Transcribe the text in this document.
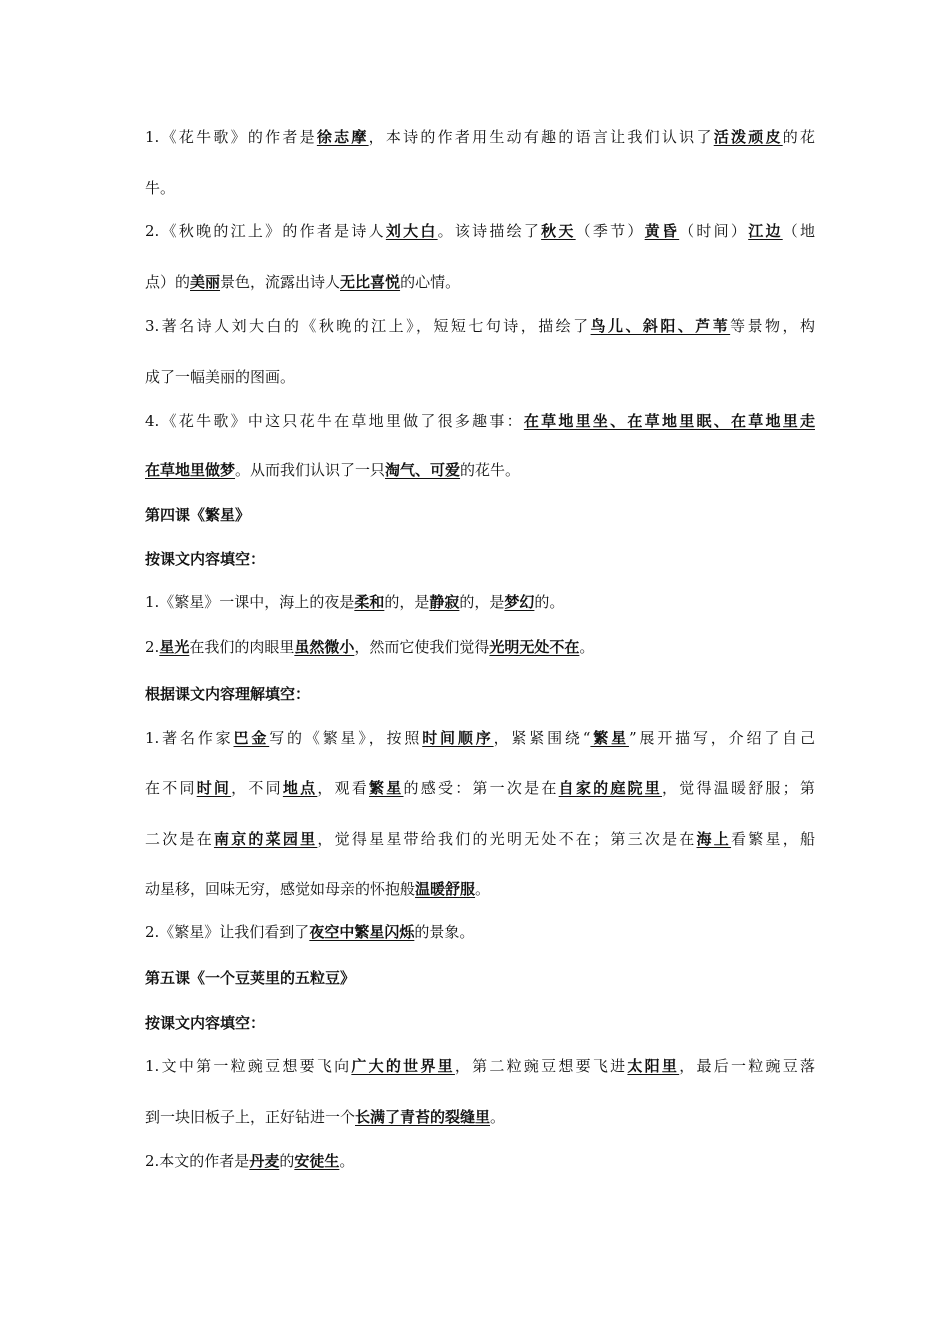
1.《花牛歌》的作者是徐志摩，本诗的作者用生动有趣的语言让我们认识了活泼顽皮的花
牛。
2.《秋晚的江上》的作者是诗人刘大白。该诗描绘了秋天（季节）黄昏（时间）江边（地
点）的美丽景色，流露出诗人无比喜悦的心情。
3.著名诗人刘大白的《秋晚的江上》，短短七句诗，描绘了鸟儿、斜阳、芦苇等景物，构
成了一幅美丽的图画。
4.《花牛歌》中这只花牛在草地里做了很多趣事：在草地里坐、在草地里眠、在草地里走
在草地里做梦。从而我们认识了一只淘气、可爱的花牛。
第四课《繁星》
按课文内容填空：
1.《繁星》一课中，海上的夜是柔和的，是静寂的，是梦幻的。
2.星光在我们的肉眼里虽然微小，然而它使我们觉得光明无处不在。
根据课文内容理解填空：
1.著名作家巴金写的《繁星》，按照时间顺序，紧紧围绕“繁星”展开描写，介绍了自己
在不同时间，不同地点，观看繁星的感受：第一次是在自家的庭院里，觉得温暖舒服；第
二次是在南京的菜园里，觉得星星带给我们的光明无处不在；第三次是在海上看繁星，船
动星移，回味无穷，感觉如母亲的怀抱般温暖舒服。
2.《繁星》让我们看到了夜空中繁星闪烁的景象。
第五课《一个豆荚里的五粒豆》
按课文内容填空：
1.文中第一粒豌豆想要飞向广大的世界里，第二粒豌豆想要飞进太阳里，最后一粒豌豆落
到一块旧板子上，正好钻进一个长满了青苔的裂缝里。
2.本文的作者是丹麦的安徒生。
